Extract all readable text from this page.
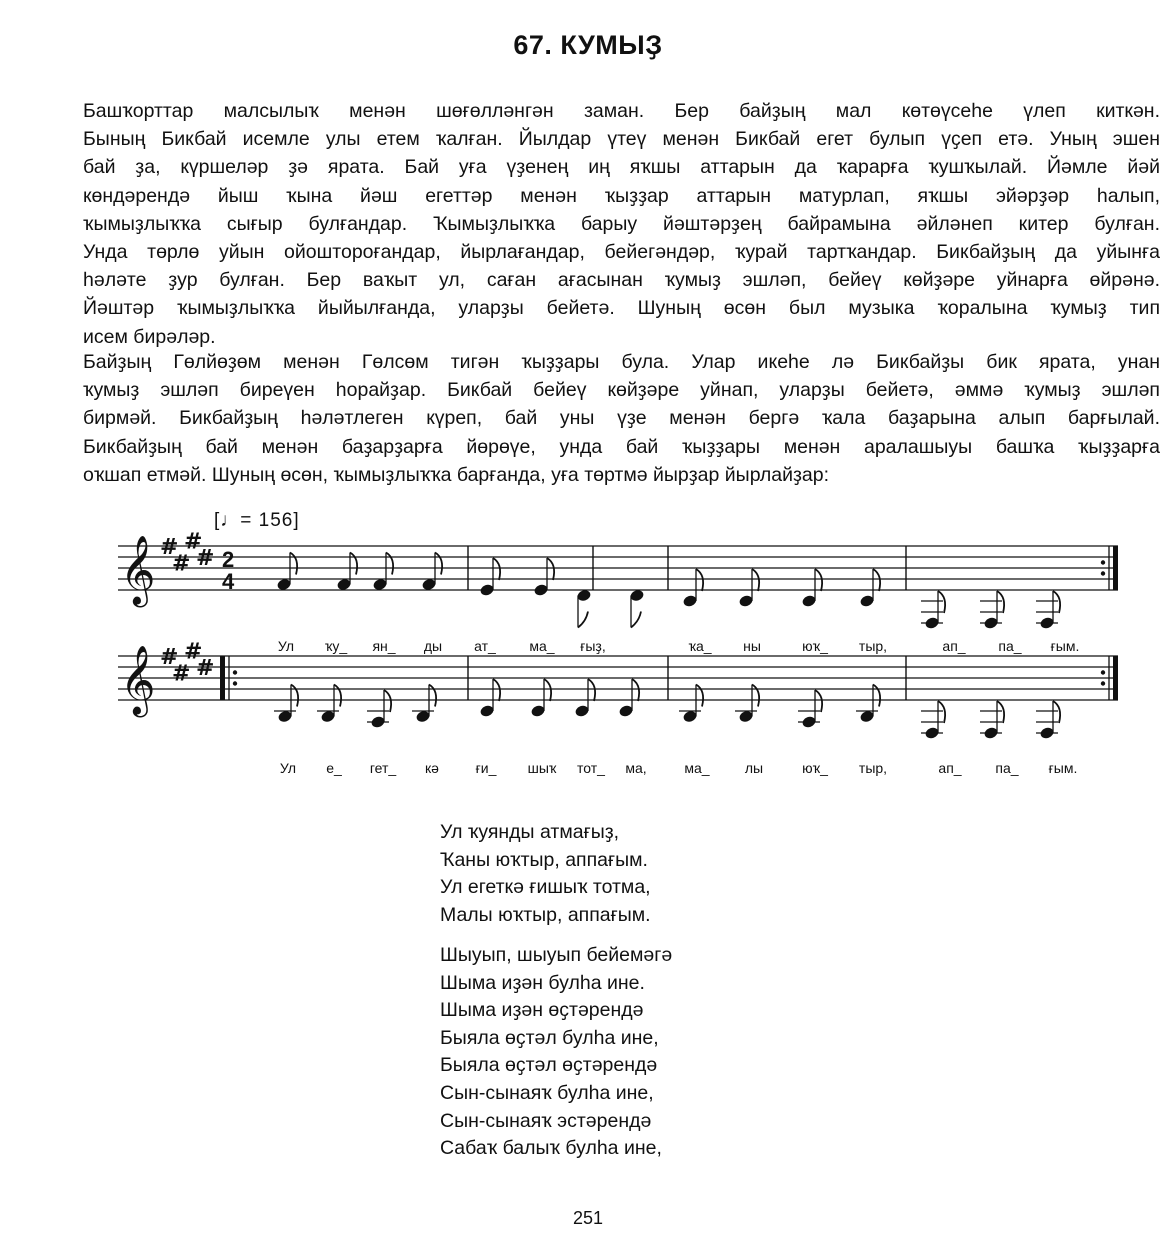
67. КУМЫҘ
Башҡорттар малсылыҡ менән шөғөлләнгән заман. Бер байҙың мал көтөүсеһе үлеп киткән.
Бының Бикбай исемле улы етем ҡалған. Йылдар үтеү менән Бикбай егет булып үҫеп етә. Уның эшен
бай ҙа, күршеләр ҙә ярата. Бай уға үҙенең иң яҡшы аттарын да ҡарарға ҡушҡылай. Йәмле йәй
көндәрендә йыш ҡына йәш егеттәр менән ҡыҙҙар аттарын матурлап, яҡшы эйәрҙәр һалып,
ҡымыҙлыҡҡа сығыр булғандар. Ҡымыҙлыҡҡа барыу йәштәрҙең байрамына әйләнеп китер булған.
Унда төрлө уйын ойоштороғандар, йырлағандар, бейегәндәр, ҡурай тартҡандар. Бикбайҙың да уйынға
һәләте ҙур булған. Бер ваҡыт ул, саған ағасынан ҡумыҙ эшләп, бейеү көйҙәре уйнарға өйрәнә.
Йәштәр ҡымыҙлыҡҡа йыйылғанда, уларҙы бейетә. Шуның өсөн был музыка ҡоралына ҡумыҙ тип
исем бирәләр.
Байҙың Гөлйөҙөм менән Гөлсөм тигән ҡыҙҙары була. Улар икеһе лә Бикбайҙы бик ярата, унан
ҡумыҙ эшләп биреүен һорайҙар. Бикбай бейеү көйҙәре уйнап, уларҙы бейетә, әммә ҡумыҙ эшләп
бирмәй. Бикбайҙың һәләтлеген күреп, бай уны үҙе менән бергә ҡала баҙарына алып барғылай.
Бикбайҙың бай менән баҙарҙарға йөрөүе, унда бай ҡыҙҙары менән аралашыуы башҡа ҡыҙҙарға
оҡшап етмәй. Шуның өсөн, ҡымыҙлыҡҡа барғанда, уға төртмә йырҙар йырлайҙар:
[♩= 156]
𝄞 #
#
#
# 2
4
𝄞 #
#
#
#
Ул ҡу_ ян_ ды ат_ ма_ ғыҙ,	ҡа_ ны	юҡ_ тыр,	ап_ па_ ғым.
Ул е_ гет_ кә	ғи_ шыҡ тот_ ма,	ма_	лы	юҡ_ тыр,	ап_ па_ ғым.
Ул ҡуянды атмағыҙ,
Ҡаны юҡтыр, аппағым.
Ул егеткә ғишыҡ тотма,
Малы юҡтыр, аппағым.
Шыуып, шыуып бейемәгә
Шыма иҙән булһа ине.
Шыма иҙән өҫтәрендә
Быяла өҫтәл булһа ине,
Быяла өҫтәл өҫтәрендә
Сын-сынаяҡ булһа ине,
Сын-сынаяҡ эстәрендә
Сабаҡ балыҡ булһа ине,
251
